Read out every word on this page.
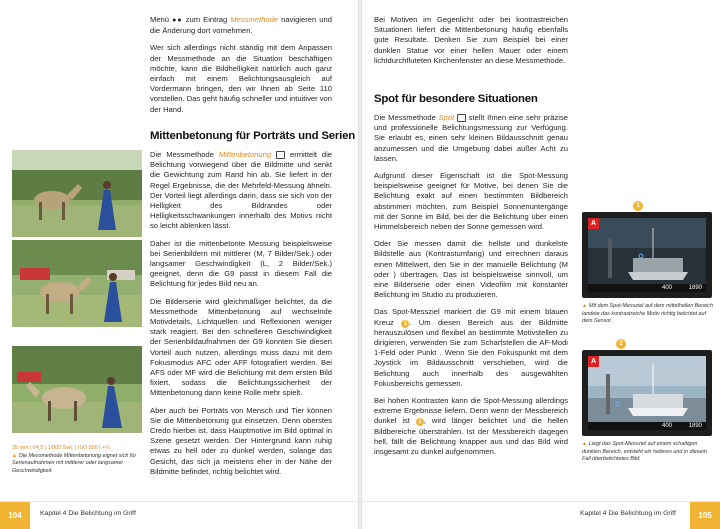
Menü ●● zum Eintrag Messmethode navigieren und die Änderung dort vornehmen.

Wer sich allerdings nicht ständig mit dem Anpassen der Messmethode an die Situation beschäftigen möchte, kann die Bildhelligkeit natürlich auch ganz einfach mit einem Belichtungsausgleich auf Vordermann bringen, den wir Ihnen ab Seite 110 vorstellen. Das geht häufig schneller und intuitiver von der Hand.

Mittenbetonung für Porträts und Serien

Die Messmethode Mittenbetonung  ermittelt die Belichtung vorwiegend über die Bildmitte und senkt die Gewichtung zum Rand hin ab. Sie liefert in der Regel Ergebnisse, die der Mehrfeld-Messung ähneln. Der Vorteil liegt allerdings darin, dass sie sich von der Helligkeit des Bildrandes oder Helligkeitsschwankungen innerhalb des Motivs nicht so leicht ablenken lässt.

Daher ist die mittenbetonte Messung beispielsweise bei Serienbildern mit mittlerer (M, 7 Bilder/Sek.) oder langsamer Geschwindigkeit (L, 2 Bilder/Sek.) geeignet, denn die G9 passt in diesem Fall die Belichtung für jedes Bild neu an.

Die Bilderserie wird gleichmäßiger belichtet, da die Messmethode Mittenbetonung auf wechselnde Motivdetails, Lichtquellen und Reflexionen weniger stark reagiert. Bei den schnelleren Geschwindigkeit der Serienbildaufnahmen der G9 konnten Sie diesen Vorteil auch nutzen, allerdings muss dazu mit dem Fokusmodus AFC oder AFF fotografiert werden. Bei AFS oder MF wird die Belichtung mit dem ersten Bild fixiert, sodass die Belichtungssicherheit der Mittenbetonung dann keine Rolle mehr spielt.

Aber auch bei Porträts von Mensch und Tier können Sie die Mittenbetonung gut einsetzen. Denn oberstes Credo hierbei ist, dass Hauptmotive im Bild optimal in Szene gesetzt werden. Der Hintergrund kann ruhig etwas zu hell oder zu dunkel werden, solange das Gesicht, das sich ja meistens eher in der Nähe der Bildmitte befindet, richtig belichtet wird.

35 mm | f/4,5 | 1/800 Sek. | ISO 800 | +⅔
▲ Die Messmethode Mittenbetonung eignet sich für Serienaufnahmen mit mittlerer oder langsamer Geschwindigkeit.
104	Kapitel 4 Die Belichtung im Griff

Bei Motiven im Gegenlicht oder bei kontrastreichen Situationen liefert die Mittenbetonung häufig ebenfalls gute Resultate. Denken Sie zum Beispiel bei einer dunklen Statue vor einer hellen Mauer oder einem lichtdurchfluteten Kirchenfenster an diese Messmethode.

Spot für besondere Situationen

Die Messmethode Spot  stellt Ihnen eine sehr präzise und professionelle Belichtungsmessung zur Verfügung. Sie erlaubt es, einen sehr kleinen Bildausschnitt genau anzumessen und die Umgebung dabei außer Acht zu lassen.

Aufgrund dieser Eigenschaft ist die Spot-Messung beispielsweise geeignet für Motive, bei denen Sie die Belichtung exakt auf einen bestimmten Bildbereich abstimmen möchten, zum Beispiel Sonnenuntergänge mit der Sonne im Bild, bei der die Belichtung über einen Himmelsbereich neben der Sonne gemessen wird.

Oder Sie messen damit die hellste und dunkelste Bildstelle aus (Kontrastumfang) und errechnen daraus einen Mittelwert, den Sie in der manuelle Belichtung (M oder ) übertragen. Das ist beispielsweise sinnvoll, um eine Bilderserie oder einen Videofilm mit konstanter Belichtung im Studio zu produzieren.

Das Spot-Messziel markiert die G9 mit einem blauen Kreuz 1 . Um diesen Bereich aus der Bildmitte herauszulösen und flexibel an bestimmte Motivstellen zu dirigieren, verwenden Sie zum Scharfstellen die AF-Modi 1-Feld oder Punkt . Wenn Sie den Fokuspunkt mit dem Joystick im Bildausschnitt verschieben, wird die Belichtung auch innerhalb des ausgewählten Fokusbereichs gemessen.

Bei hohen Kontrasten kann die Spot-Messung allerdings extreme Ergebnisse liefern. Denn wenn der Messbereich dunkel ist 2 , wird länger belichtet und die hellen Bildbereiche überstrahlen. Ist der Messbereich dagegen hell, fällt die Belichtung knapper aus und das Bild wird insgesamt zu dunkel aufgenommen.

1
A
400	1890
▲ Mit dem Spot-Messziel auf dem mittelhellen Bereich landete das kontrastreiche Motiv richtig belichtet auf dem Sensor.
2
A
400	1890
▲ Liegt das Spot-Messziel auf einem schattigen dunklen Bereich, entsteht ein helleres und in diesem Fall überbelichtetes Bild.
Kapitel 4 Die Belichtung im Griff	105
